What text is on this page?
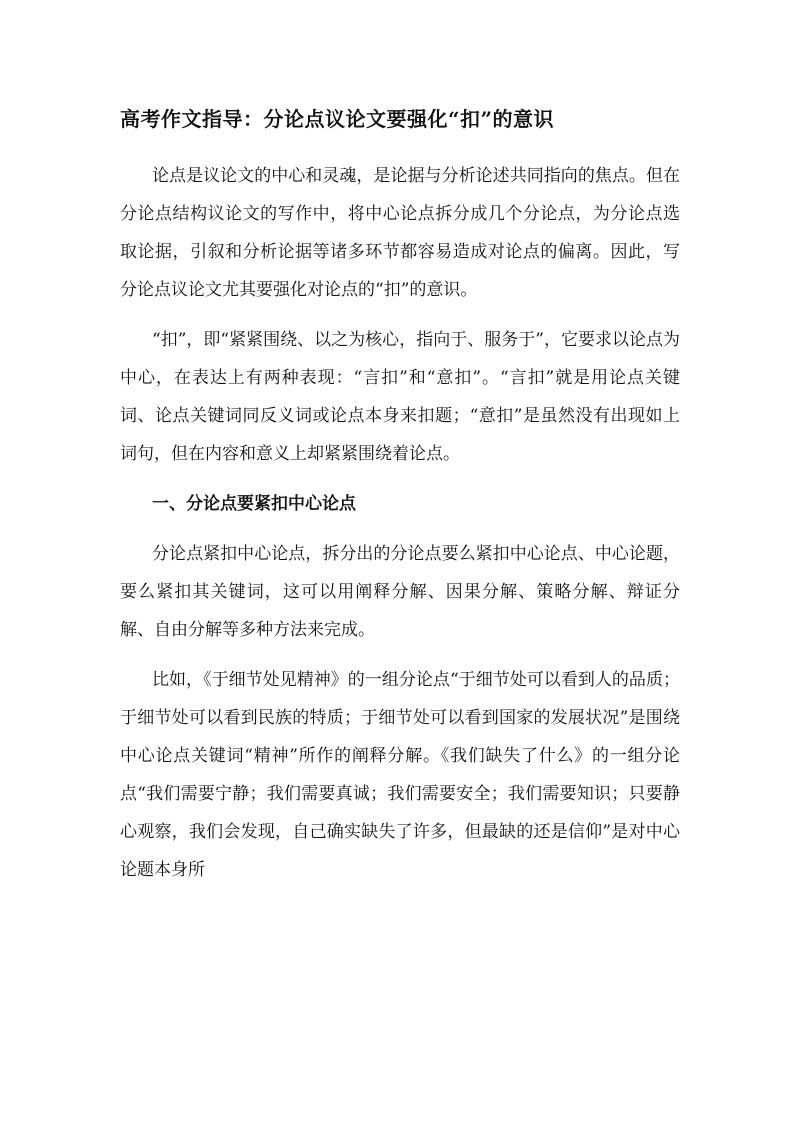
高考作文指导：分论点议论文要强化“扣”的意识

论点是议论文的中心和灵魂，是论据与分析论述共同指向的焦点。但在分论点结构议论文的写作中，将中心论点拆分成几个分论点，为分论点选取论据，引叙和分析论据等诸多环节都容易造成对论点的偏离。因此，写分论点议论文尤其要强化对论点的“扣”的意识。

“扣”，即“紧紧围绕、以之为核心，指向于、服务于”，它要求以论点为中心，在表达上有两种表现：“言扣”和“意扣”。“言扣”就是用论点关键词、论点关键词同反义词或论点本身来扣题；“意扣”是虽然没有出现如上词句，但在内容和意义上却紧紧围绕着论点。

一、分论点要紧扣中心论点

分论点紧扣中心论点，拆分出的分论点要么紧扣中心论点、中心论题，要么紧扣其关键词，这可以用阐释分解、因果分解、策略分解、辩证分解、自由分解等多种方法来完成。

比如，《于细节处见精神》的一组分论点“于细节处可以看到人的品质；于细节处可以看到民族的特质；于细节处可以看到国家的发展状况”是围绕中心论点关键词“精神”所作的阐释分解。《我们缺失了什么》的一组分论点“我们需要宁静；我们需要真诚；我们需要安全；我们需要知识；只要静心观察，我们会发现，自己确实缺失了许多，但最缺的还是信仰”是对中心论题本身所
